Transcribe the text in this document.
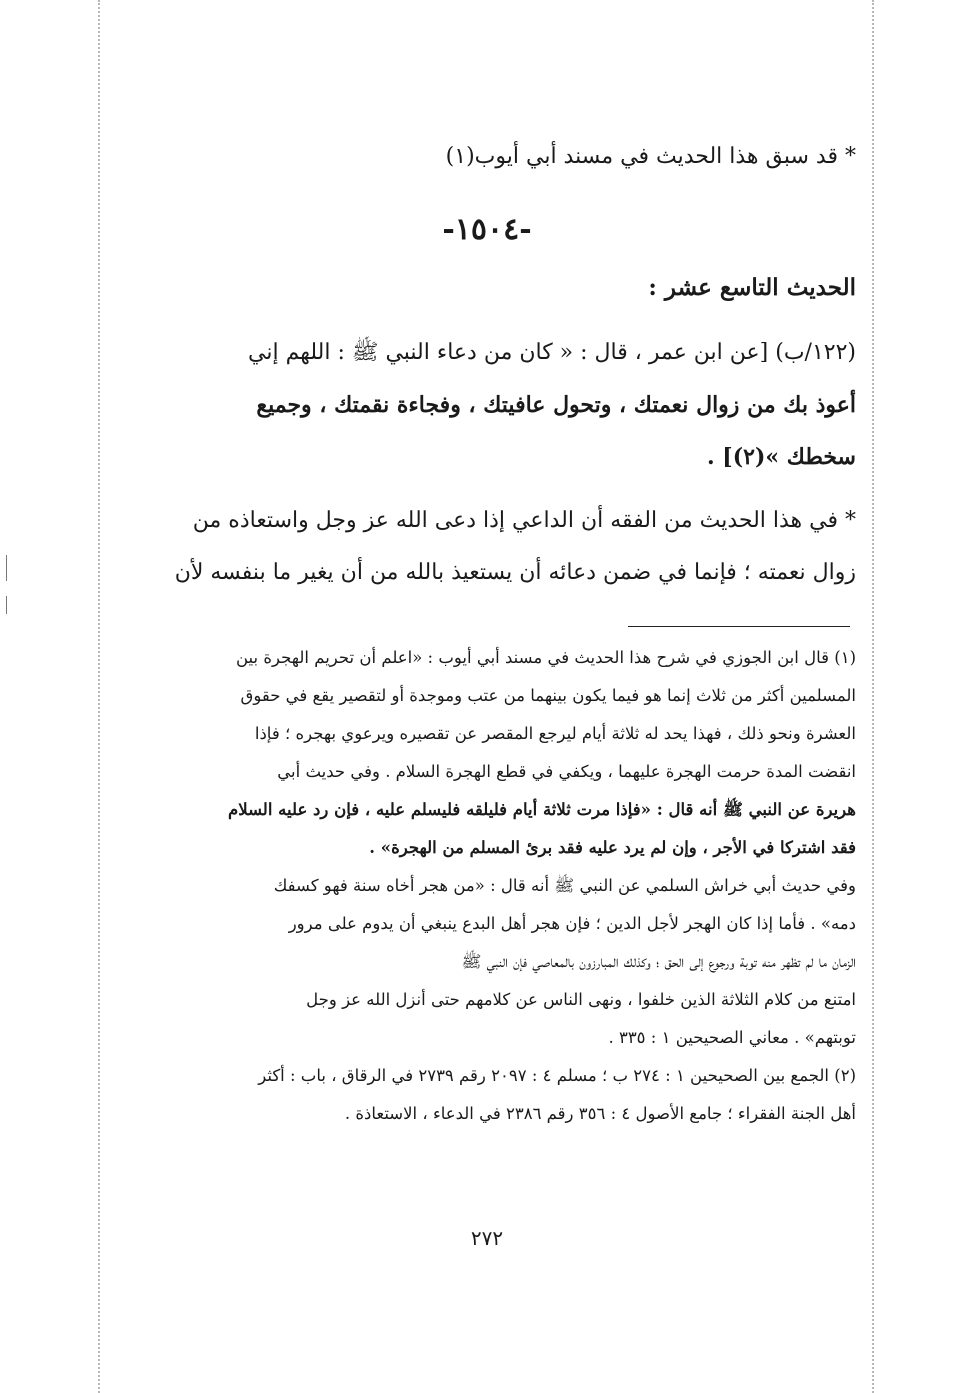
* قد سبق هذا الحديث في مسند أبي أيوب(١)
-١٥٠٤-
الحديث التاسع عشر :
(١٢٢/ب) [عن ابن عمر ، قال : « كان من دعاء النبي ﷺ : اللهم إني
أعوذ بك من زوال نعمتك ، وتحول عافيتك ، وفجاءة نقمتك ، وجميع
سخطك »(٢)] .
* في هذا الحديث من الفقه أن الداعي إذا دعى الله عز وجل واستعاذه من
زوال نعمته ؛ فإنما في ضمن دعائه أن يستعيذ بالله من أن يغير ما بنفسه لأن
(١) قال ابن الجوزي في شرح هذا الحديث في مسند أبي أيوب : «اعلم أن تحريم الهجرة بين
المسلمين أكثر من ثلاث إنما هو فيما يكون بينهما من عتب وموجدة أو لتقصير يقع في حقوق
العشرة ونحو ذلك ، فهذا يحد له ثلاثة أيام ليرجع المقصر عن تقصيره ويرعوي بهجره ؛ فإذا
انقضت المدة حرمت الهجرة عليهما ، ويكفي في قطع الهجرة السلام . وفي حديث أبي
هريرة عن النبي ﷺ أنه قال : «فإذا مرت ثلاثة أيام فليلقه فليسلم عليه ، فإن رد عليه السلام
فقد اشتركا في الأجر ، وإن لم يرد عليه فقد برئ المسلم من الهجرة» .
وفي حديث أبي خراش السلمي عن النبي ﷺ أنه قال : «من هجر أخاه سنة فهو كسفك
دمه» . فأما إذا كان الهجر لأجل الدين ؛ فإن هجر أهل البدع ينبغي أن يدوم على مرور
الزمان ما لم تظهر منه توبة ورجوع إلى الحق ؛ وكذلك المبارزون بالمعاصي فإن النبي ﷺ
امتنع من كلام الثلاثة الذين خلفوا ، ونهى الناس عن كلامهم حتى أنزل الله عز وجل
توبتهم» . معاني الصحيحين ١ : ٣٣٥ .
(٢) الجمع بين الصحيحين ١ : ٢٧٤ ب ؛ مسلم ٤ : ٢٠٩٧ رقم ٢٧٣٩ في الرقاق ، باب : أكثر
أهل الجنة الفقراء ؛ جامع الأصول ٤ : ٣٥٦ رقم ٢٣٨٦ في الدعاء ، الاستعاذة .
٢٧٢
